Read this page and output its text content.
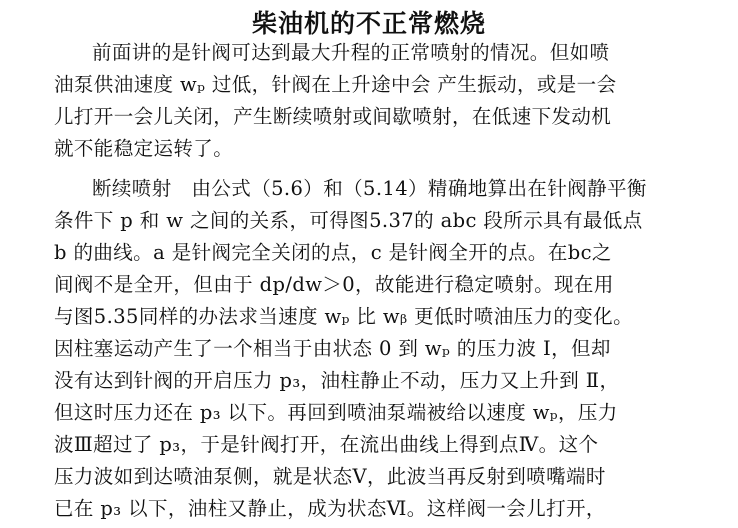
柴油机的不正常燃烧
前面讲的是针阀可达到最大升程的正常喷射的情况。但如喷
油泵供油速度 wₚ 过低，针阀在上升途中会 产生振动，或是一会
儿打开一会儿关闭，产生断续喷射或间歇喷射，在低速下发动机
就不能稳定运转了。
断续喷射　由公式（5.6）和（5.14）精确地算出在针阀静平衡
条件下 p 和 w 之间的关系，可得图5.37的 abc 段所示具有最低点
b 的曲线。a 是针阀完全关闭的点，c 是针阀全开的点。在bc之
间阀不是全开，但由于 dp/dw＞0，故能进行稳定喷射。现在用
与图5.35同样的办法求当速度 wₚ 比 wᵦ 更低时喷油压力的变化。
因柱塞运动产生了一个相当于由状态 0 到 wₚ 的压力波 Ⅰ，但却
没有达到针阀的开启压力 p₃，油柱静止不动，压力又上升到 Ⅱ，
但这时压力还在 p₃ 以下。再回到喷油泵端被给以速度 wₚ，压力
波Ⅲ超过了 p₃，于是针阀打开，在流出曲线上得到点Ⅳ。这个
压力波如到达喷油泵侧，就是状态Ⅴ，此波当再反射到喷嘴端时
已在 p₃ 以下，油柱又静止，成为状态Ⅵ。这样阀一会儿打开，
